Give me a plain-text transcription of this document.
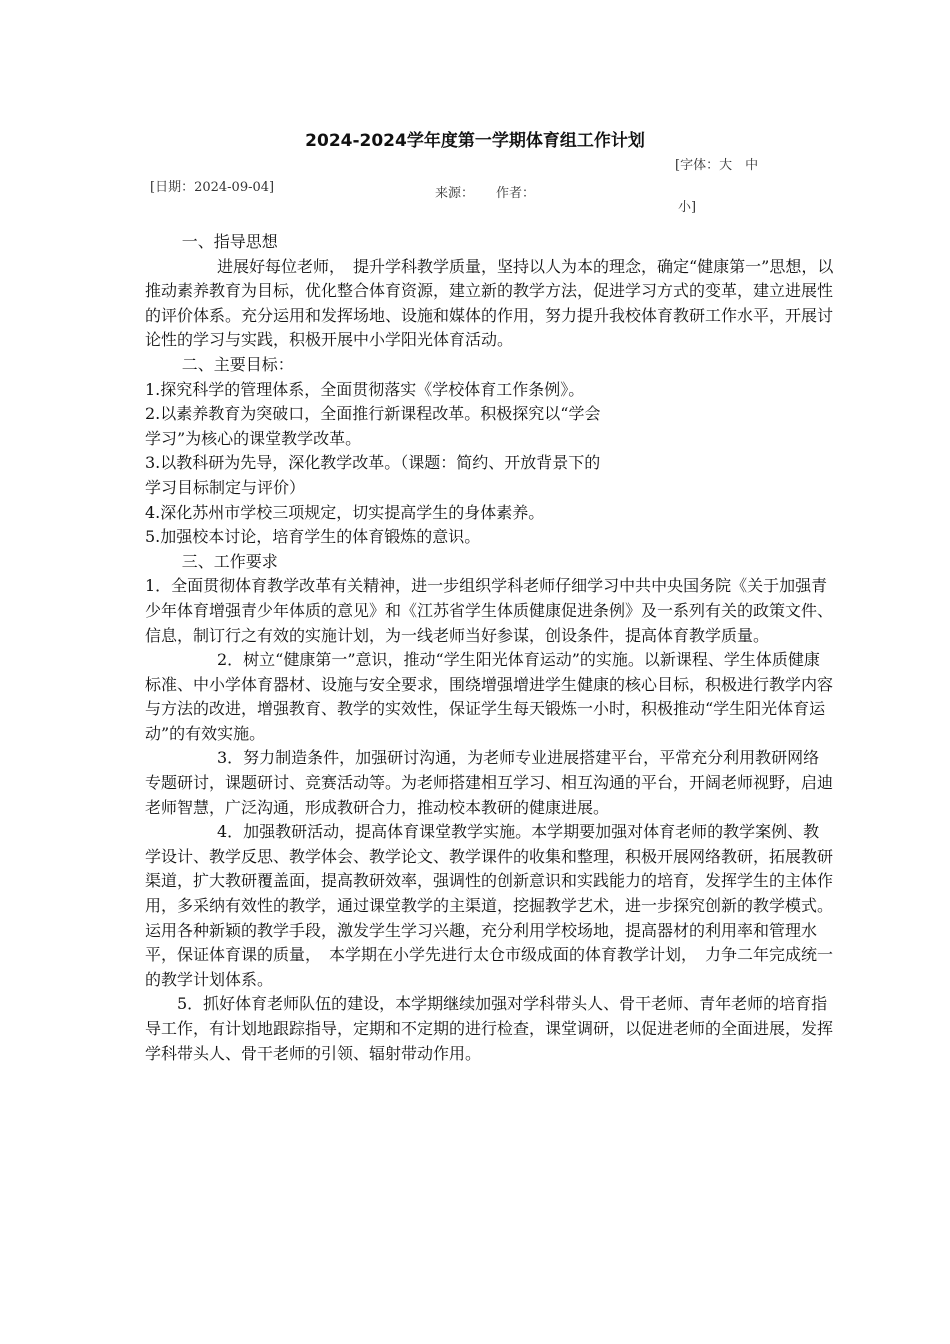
2024-2024学年度第一学期体育组工作计划
[日期：2024-09-04]	来源： 作者：
[字体：大　中
小]

一、指导思想

进展好每位老师，　提升学科教学质量，坚持以人为本的理念，确定“健康第一”思想，以推动素养教育为目标，优化整合体育资源，建立新的教学方法，促进学习方式的变革，建立进展性的评价体系。充分运用和发挥场地、设施和媒体的作用，努力提升我校体育教研工作水平，开展讨论性的学习与实践，积极开展中小学阳光体育活动。

二、主要目标：

1.探究科学的管理体系，全面贯彻落实《学校体育工作条例》。

2.以素养教育为突破口，全面推行新课程改革。积极探究以“学会

学习”为核心的课堂教学改革。

3.以教科研为先导，深化教学改革。（课题：简约、开放背景下的

学习目标制定与评价）

4.深化苏州市学校三项规定，切实提高学生的身体素养。

5.加强校本讨论，培育学生的体育锻炼的意识。

三、工作要求

1．全面贯彻体育教学改革有关精神，进一步组织学科老师仔细学习中共中央国务院《关于加强青少年体育增强青少年体质的意见》和《江苏省学生体质健康促进条例》及一系列有关的政策文件、信息，制订行之有效的实施计划，为一线老师当好参谋，创设条件，提高体育教学质量。

2．树立“健康第一”意识，推动“学生阳光体育运动”的实施。以新课程、学生体质健康标准、中小学体育器材、设施与安全要求，围绕增强增进学生健康的核心目标，积极进行教学内容与方法的改进，增强教育、教学的实效性，保证学生每天锻炼一小时，积极推动“学生阳光体育运动”的有效实施。

3．努力制造条件，加强研讨沟通，为老师专业进展搭建平台，平常充分利用教研网络专题研讨，课题研讨、竞赛活动等。为老师搭建相互学习、相互沟通的平台，开阔老师视野，启迪老师智慧，广泛沟通，形成教研合力，推动校本教研的健康进展。

4．加强教研活动，提高体育课堂教学实施。本学期要加强对体育老师的教学案例、教学设计、教学反思、教学体会、教学论文、教学课件的收集和整理，积极开展网络教研，拓展教研渠道，扩大教研覆盖面，提高教研效率，强调性的创新意识和实践能力的培育，发挥学生的主体作用，多采纳有效性的教学，通过课堂教学的主渠道，挖掘教学艺术，进一步探究创新的教学模式。运用各种新颖的教学手段，激发学生学习兴趣，充分利用学校场地，提高器材的利用率和管理水平，保证体育课的质量，　本学期在小学先进行太仓市级成面的体育教学计划，　力争二年完成统一的教学计划体系。

5．抓好体育老师队伍的建设，本学期继续加强对学科带头人、骨干老师、青年老师的培育指导工作，有计划地跟踪指导，定期和不定期的进行检查，课堂调研，以促进老师的全面进展，发挥学科带头人、骨干老师的引领、辐射带动作用。
